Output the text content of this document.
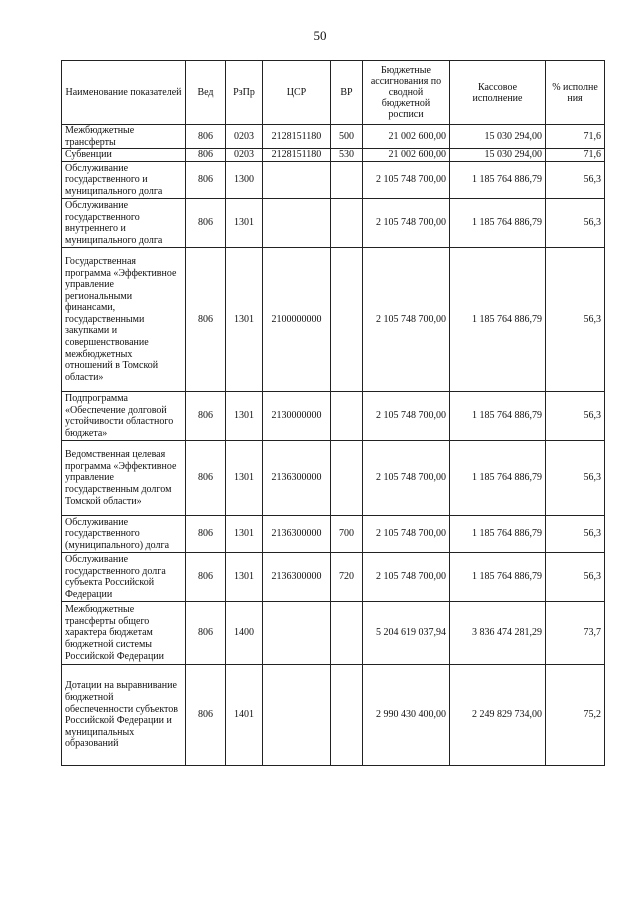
50
Наименование показателей	Вед	РзПр	ЦСР	ВР	Бюджетные ассигнования по сводной бюджетной росписи	Кассовое исполнение	% исполне ния
Межбюджетные трансферты	806	0203	2128151180	500	21 002 600,00	15 030 294,00	71,6
Субвенции	806	0203	2128151180	530	21 002 600,00	15 030 294,00	71,6
Обслуживание государственного и муниципального долга	806	1300			2 105 748 700,00	1 185 764 886,79	56,3
Обслуживание государственного внутреннего и муниципального долга	806	1301			2 105 748 700,00	1 185 764 886,79	56,3
Государственная программа «Эффективное управление региональными финансами, государственными закупками и совершенствование межбюджетных отношений в Томской области»	806	1301	2100000000		2 105 748 700,00	1 185 764 886,79	56,3
Подпрограмма «Обеспечение долговой устойчивости областного бюджета»	806	1301	2130000000		2 105 748 700,00	1 185 764 886,79	56,3
Ведомственная целевая программа «Эффективное управление государственным долгом Томской области»	806	1301	2136300000		2 105 748 700,00	1 185 764 886,79	56,3
Обслуживание государственного (муниципального) долга	806	1301	2136300000	700	2 105 748 700,00	1 185 764 886,79	56,3
Обслуживание государственного долга субъекта Российской Федерации	806	1301	2136300000	720	2 105 748 700,00	1 185 764 886,79	56,3
Межбюджетные трансферты общего характера бюджетам бюджетной системы Российской Федерации	806	1400			5 204 619 037,94	3 836 474 281,29	73,7
Дотации на выравнивание бюджетной обеспеченности субъектов Российской Федерации и муниципальных образований	806	1401			2 990 430 400,00	2 249 829 734,00	75,2
